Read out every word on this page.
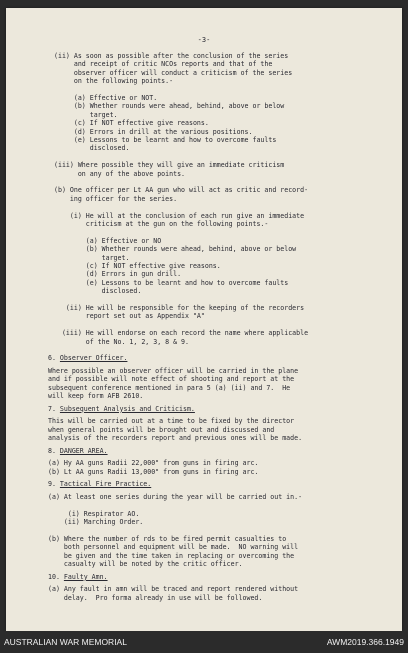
-3-
(ii) As soon as possible after the conclusion of the series
and receipt of critic NCOs reports and that of the
observer officer will conduct a criticism of the series
on the following points.-
(a) Effective or NOT.
(b) Whether rounds were ahead, behind, above or below
target.
(c) If NOT effective give reasons.
(d) Errors in drill at the various positions.
(e) Lessons to be learnt and how to overcome faults
disclosed.
(iii) Where possible they will give an immediate criticism
on any of the above points.
(b) One officer per Lt AA gun who will act as critic and record-
ing officer for the series.
(i) He will at the conclusion of each run give an immediate
criticism at the gun on the following points.-
(a) Effective or NO
(b) Whether rounds were ahead, behind, above or below
target.
(c) If NOT effective give reasons.
(d) Errors in gun drill.
(e) Lessons to be learnt and how to overcome faults
disclosed.
(ii) He will be responsible for the keeping of the recorders
report set out as Appendix "A"
(iii) He will endorse on each record the name where applicable
of the No. 1, 2, 3, 8 & 9.
6. Observer Officer.
Where possible an observer officer will be carried in the plane
and if possible will note effect of shooting and report at the
subsequent conference mentioned in para 5 (a) (ii) and 7.  He
will keep form AFB 2610.
7. Subsequent Analysis and Criticism.
This will be carried out at a time to be fixed by the director
when general points will be brought out and discussed and
analysis of the recorders report and previous ones will be made.
8. DANGER AREA.
(a) Hy AA guns Radii 22,000" from guns in firing arc.
(b) Lt AA guns Radii 13,000" from guns in firing arc.
9. Tactical Fire Practice.
(a) At least one series during the year will be carried out in.-
(i) Respirator AO.
(ii) Marching Order.
(b) Where the number of rds to be fired permit casualties to
both personnel and equipment will be made.  NO warning will
be given and the time taken in replacing or overcoming the
casualty will be noted by the critic officer.
10. Faulty Amn.
(a) Any fault in amn will be traced and report rendered without
delay.  Pro forma already in use will be followed.
AUSTRALIAN WAR MEMORIAL	AWM2019.366.1949
